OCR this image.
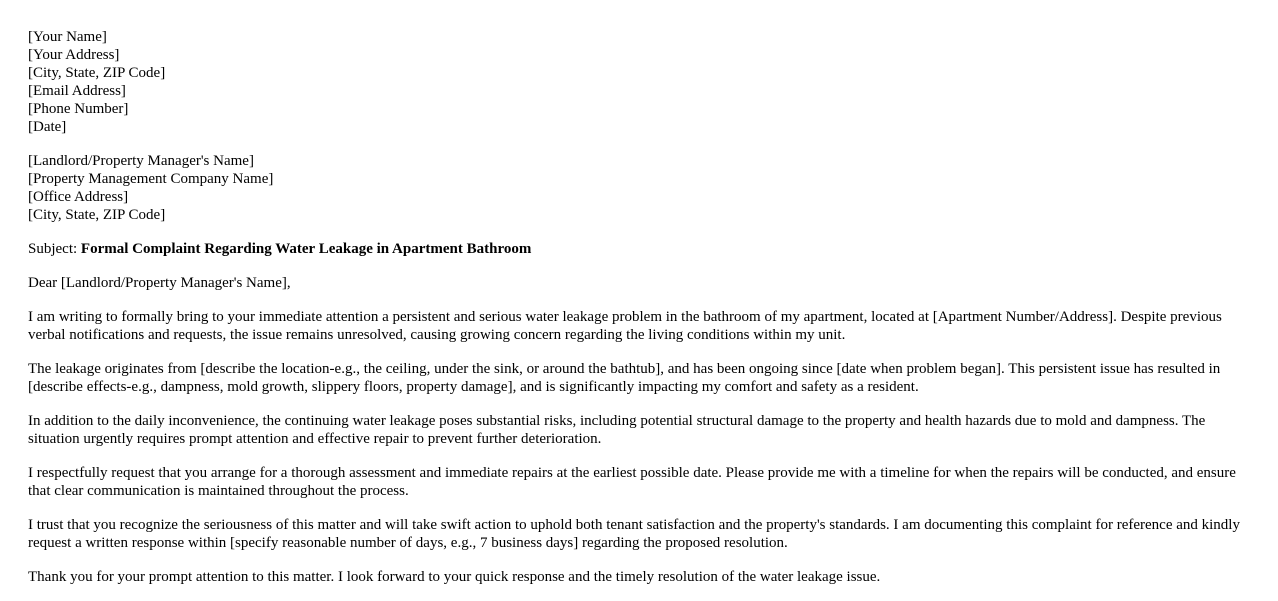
[Your Name]
[Your Address]
[City, State, ZIP Code]
[Email Address]
[Phone Number]
[Date]
[Landlord/Property Manager's Name]
[Property Management Company Name]
[Office Address]
[City, State, ZIP Code]

Subject: Formal Complaint Regarding Water Leakage in Apartment Bathroom

Dear [Landlord/Property Manager's Name],

I am writing to formally bring to your immediate attention a persistent and serious water leakage problem in the bathroom of my apartment, located at [Apartment Number/Address]. Despite previous verbal notifications and requests, the issue remains unresolved, causing growing concern regarding the living conditions within my unit.

The leakage originates from [describe the location-e.g., the ceiling, under the sink, or around the bathtub], and has been ongoing since [date when problem began]. This persistent issue has resulted in [describe effects-e.g., dampness, mold growth, slippery floors, property damage], and is significantly impacting my comfort and safety as a resident.

In addition to the daily inconvenience, the continuing water leakage poses substantial risks, including potential structural damage to the property and health hazards due to mold and dampness. The situation urgently requires prompt attention and effective repair to prevent further deterioration.

I respectfully request that you arrange for a thorough assessment and immediate repairs at the earliest possible date. Please provide me with a timeline for when the repairs will be conducted, and ensure that clear communication is maintained throughout the process.

I trust that you recognize the seriousness of this matter and will take swift action to uphold both tenant satisfaction and the property's standards. I am documenting this complaint for reference and kindly request a written response within [specify reasonable number of days, e.g., 7 business days] regarding the proposed resolution.

Thank you for your prompt attention to this matter. I look forward to your quick response and the timely resolution of the water leakage issue.
